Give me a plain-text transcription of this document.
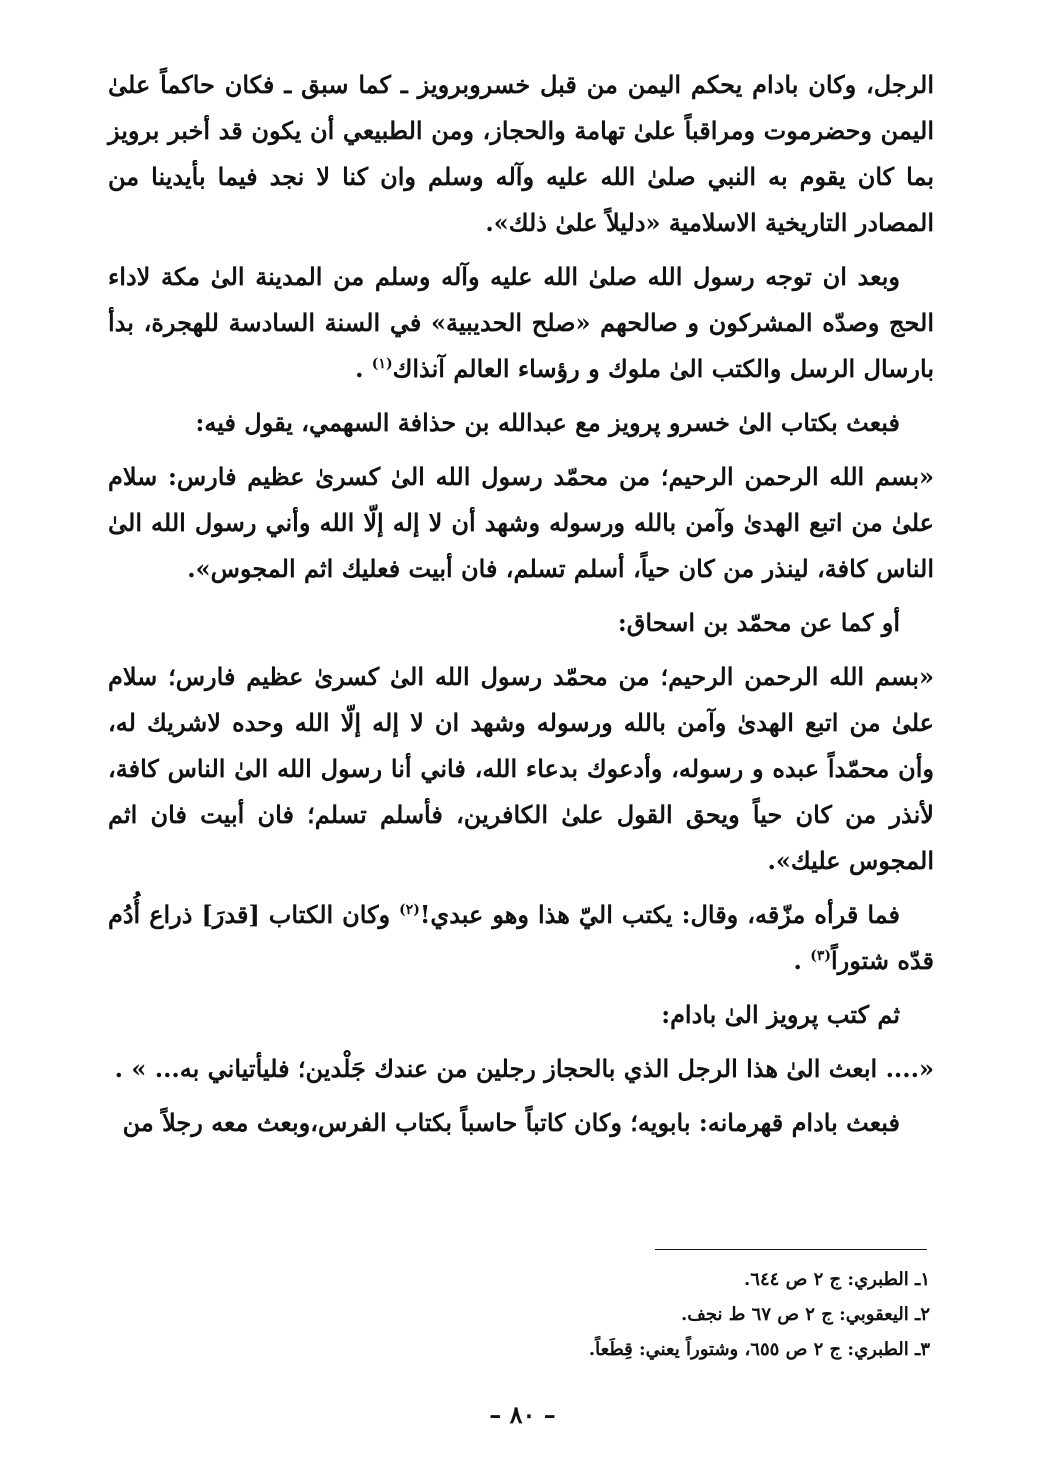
الرجل، وكان بادام يحكم اليمن من قبل خسروبرويز ـ كما سبق ـ فكان حاكماً علىٰ اليمن وحضرموت ومراقباً علىٰ تهامة والحجاز، ومن الطبيعي أن يكون قد أخبر برويز بما كان يقوم به النبي صلىٰ الله عليه وآله وسلم وان كنا لا نجد فيما بأيدينا من المصادر التاريخية الاسلامية «دليلاً علىٰ ذلك».

وبعد ان توجه رسول الله صلىٰ الله عليه وآله وسلم من المدينة الىٰ مكة لاداء الحج وصدّه المشركون و صالحهم «صلح الحديبية» في السنة السادسة للهجرة، بدأ بارسال الرسل والكتب الىٰ ملوك و رؤساء العالم آنذاك$^{(١)}$ .

فبعث بكتاب الىٰ خسرو پرويز مع عبدالله بن حذافة السهمي، يقول فيه:

«بسم الله الرحمن الرحيم؛ من محمّد رسول الله الىٰ كسرىٰ عظيم فارس: سلام علىٰ من اتبع الهدىٰ وآمن بالله ورسوله وشهد أن لا إله إلّا الله وأني رسول الله الىٰ الناس كافة، لينذر من كان حياً، أسلم تسلم، فان أبيت فعليك اثم المجوس».

أو كما عن محمّد بن اسحاق:

«بسم الله الرحمن الرحيم؛ من محمّد رسول الله الىٰ كسرىٰ عظيم فارس؛ سلام علىٰ من اتبع الهدىٰ وآمن بالله ورسوله وشهد ان لا إله إلّا الله وحده لاشريك له، وأن محمّداً عبده و رسوله، وأدعوك بدعاء الله، فاني أنا رسول الله الىٰ الناس كافة، لأنذر من كان حياً ويحق القول علىٰ الكافرين، فأسلم تسلم؛ فان أبيت فان اثم المجوس عليك».

فما قرأه مزّقه، وقال: يكتب اليّ هذا وهو عبدي!$^{(٢)}$ وكان الكتاب [قدرَ] ذراع أُدُم قدّه شتوراً$^{(٣)}$ .

ثم كتب پرويز الىٰ بادام:

«.... ابعث الىٰ هذا الرجل الذي بالحجاز رجلين من عندك جَلْدين؛ فليأتياني به... » .

فبعث بادام قهرمانه: بابويه؛ وكان كاتباً حاسباً بكتاب الفرس،وبعث معه رجلاً من

١ـ الطبري: ج ٢ ص ٦٤٤.
٢ـ اليعقوبي: ج ٢ ص ٦٧ ط نجف.
٣ـ الطبري: ج ٢ ص ٦٥٥، وشتوراً يعني: قِطَعاً.
– ٨٠ –
